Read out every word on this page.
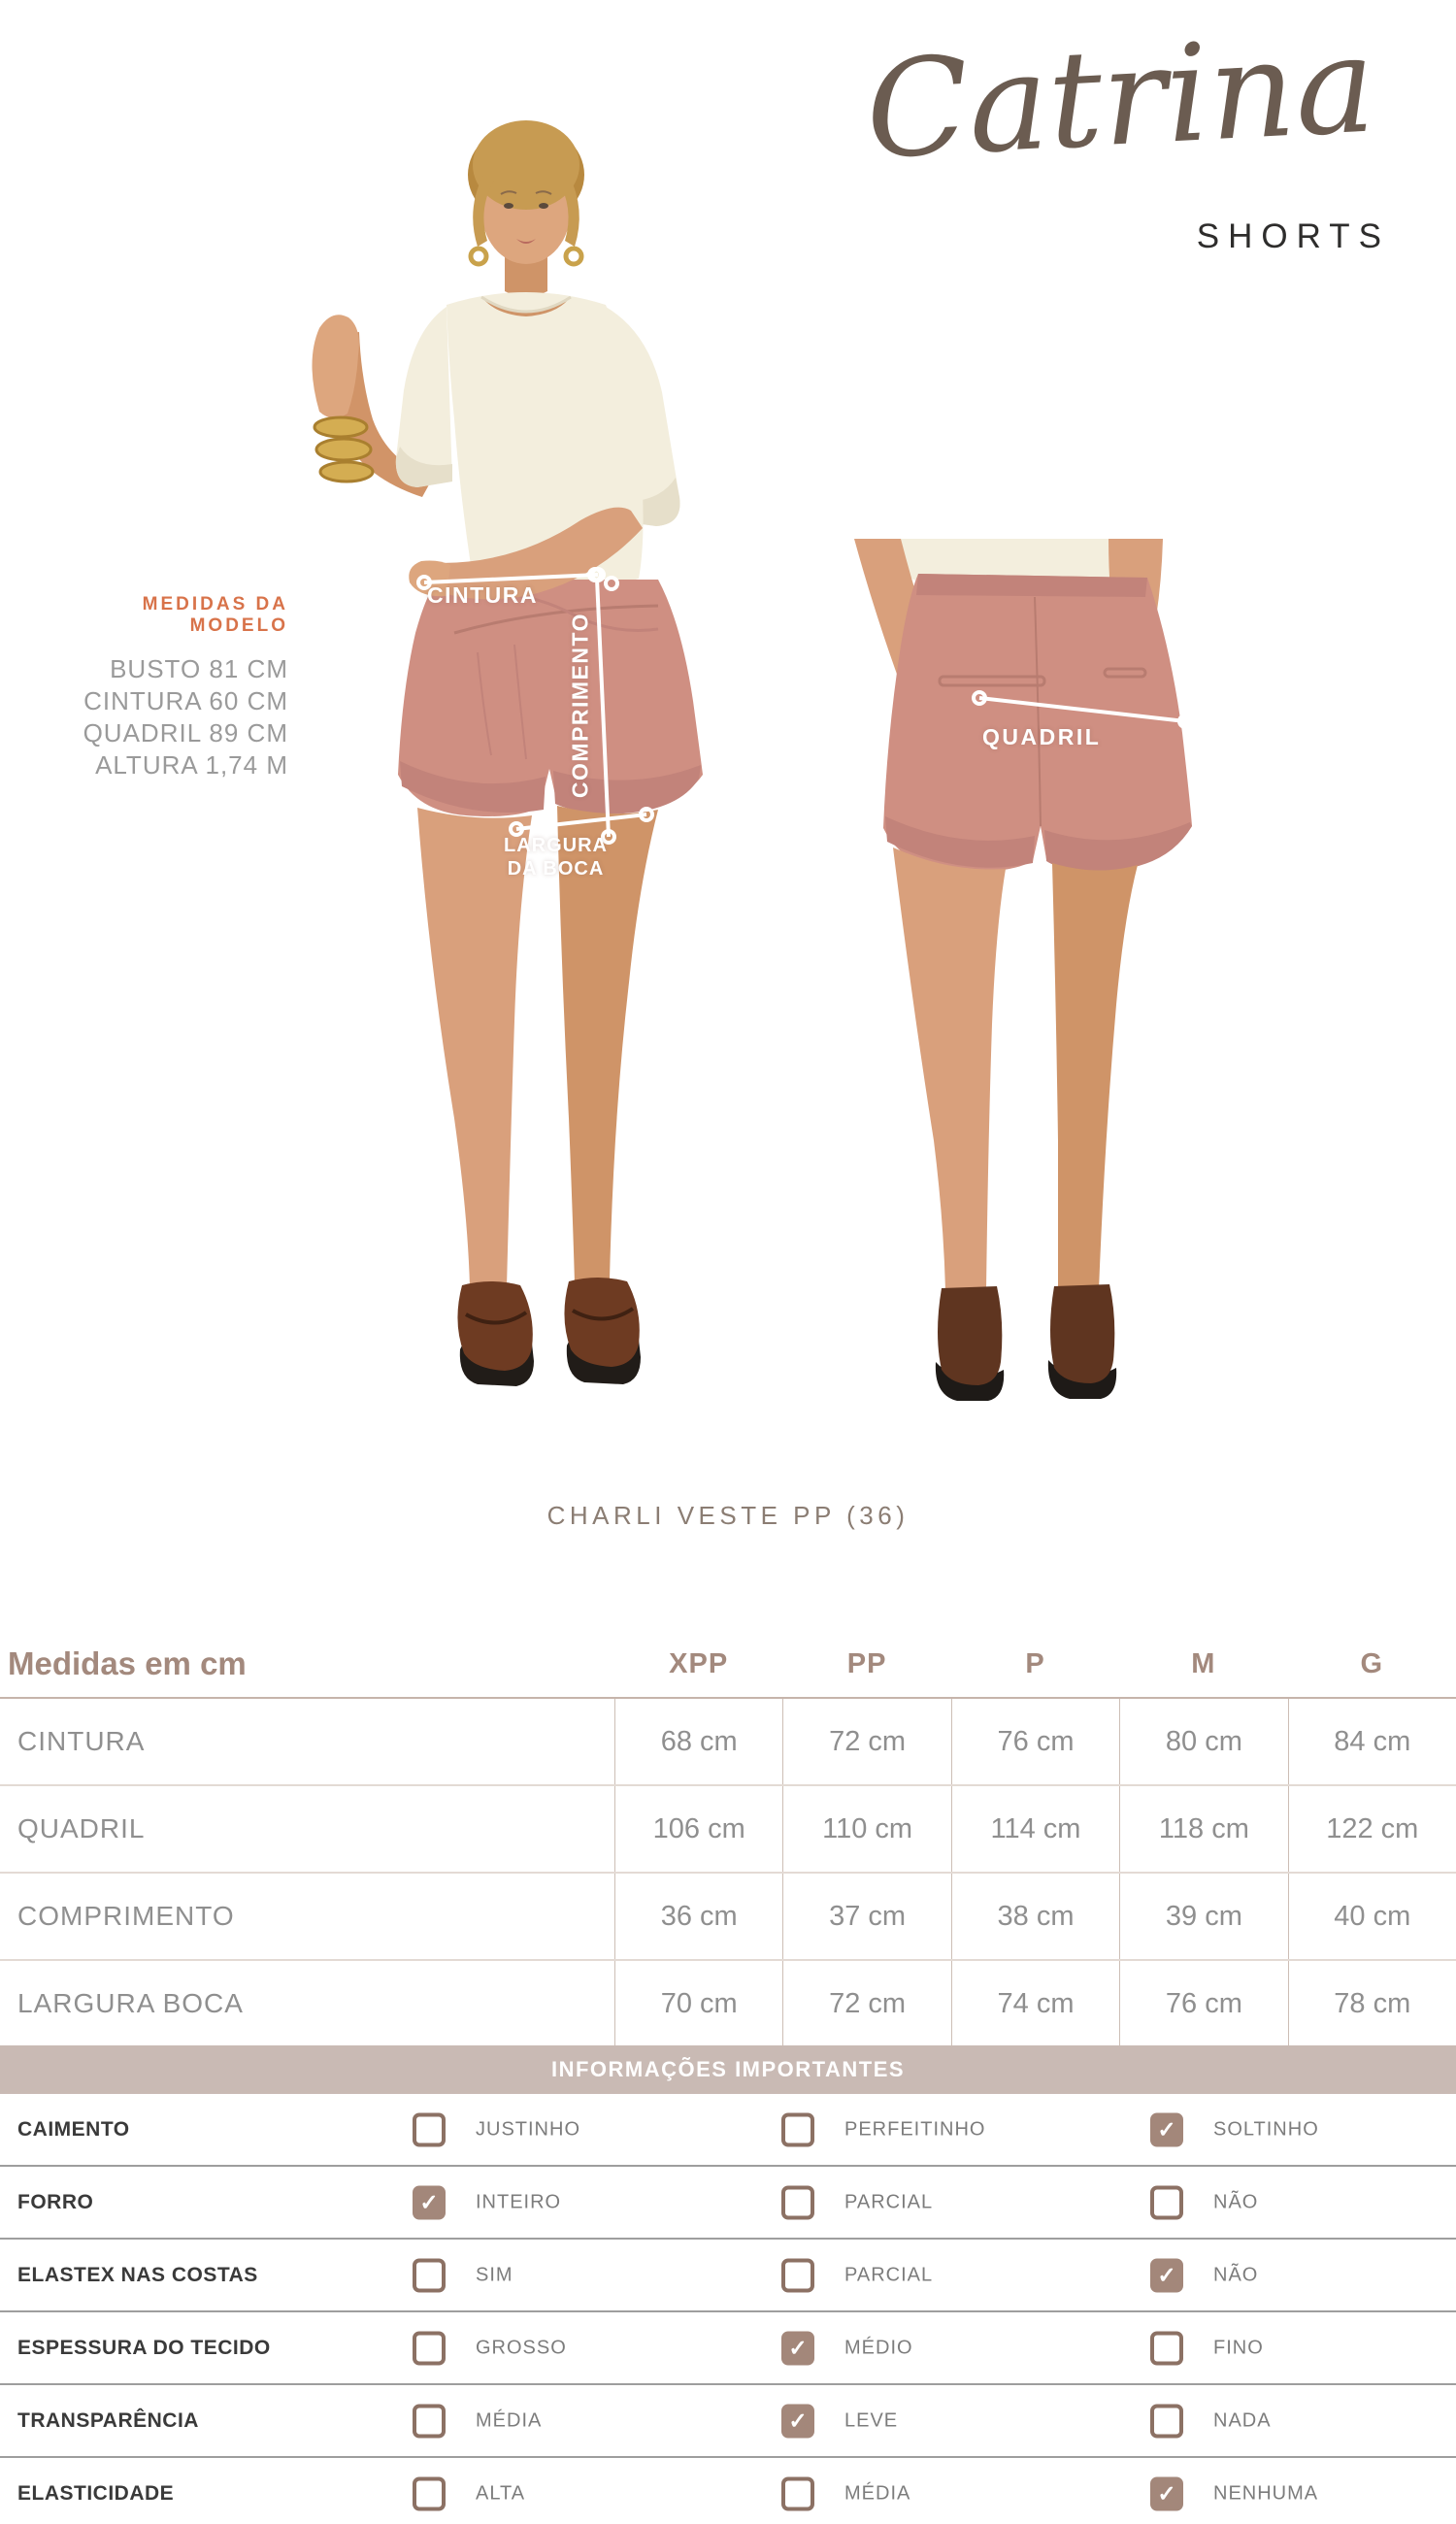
Catrina
SHORTS

MEDIDAS DA MODELO

BUSTO 81 CM
CINTURA 60 CM
QUADRIL 89 CM
ALTURA 1,74 M
CINTURA
COMPRIMENTO
LARGURA
DA BOCA
QUADRIL
CHARLI VESTE PP (36)
Medidas em cm	XPP	PP	P	M	G
CINTURA	68 cm	72 cm	76 cm	80 cm	84 cm
QUADRIL	106 cm	110 cm	114 cm	118 cm	122 cm
COMPRIMENTO	36 cm	37 cm	38 cm	39 cm	40 cm
LARGURA BOCA	70 cm	72 cm	74 cm	76 cm	78 cm
INFORMAÇÕES IMPORTANTES
CAIMENTO	JUSTINHO	PERFEITINHO	✓ SOLTINHO
FORRO	✓ INTEIRO	PARCIAL	NÃO
ELASTEX NAS COSTAS	SIM	PARCIAL	✓ NÃO
ESPESSURA DO TECIDO	GROSSO	✓ MÉDIO	FINO
TRANSPARÊNCIA	MÉDIA	✓ LEVE	NADA
ELASTICIDADE	ALTA	MÉDIA	✓ NENHUMA
